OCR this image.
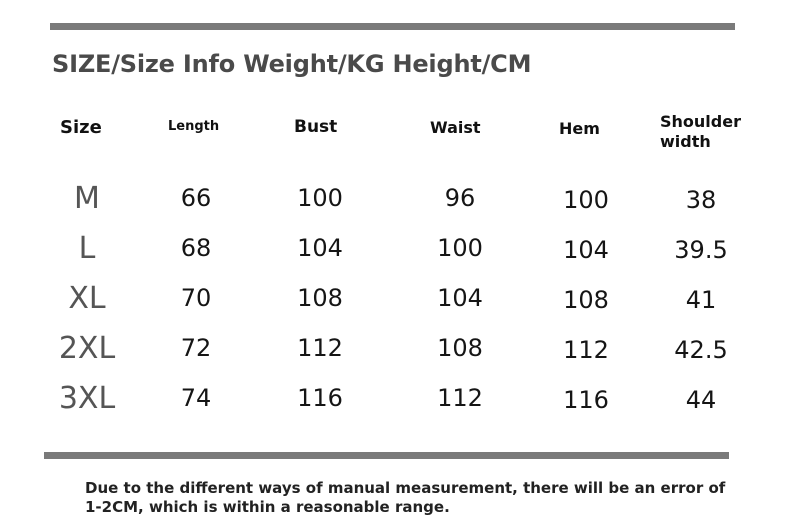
SIZE/Size Info Weight/KG Height/CM
Size	Length	Bust	Waist	Hem	Shoulder
width
M	66	100	96	100	38
L	68	104	100	104	39.5
XL	70	108	104	108	41
2XL	72	112	108	112	42.5
3XL	74	116	112	116	44
Due to the different ways of manual measurement, there will be an error of 1-2CM, which is within a reasonable range.
